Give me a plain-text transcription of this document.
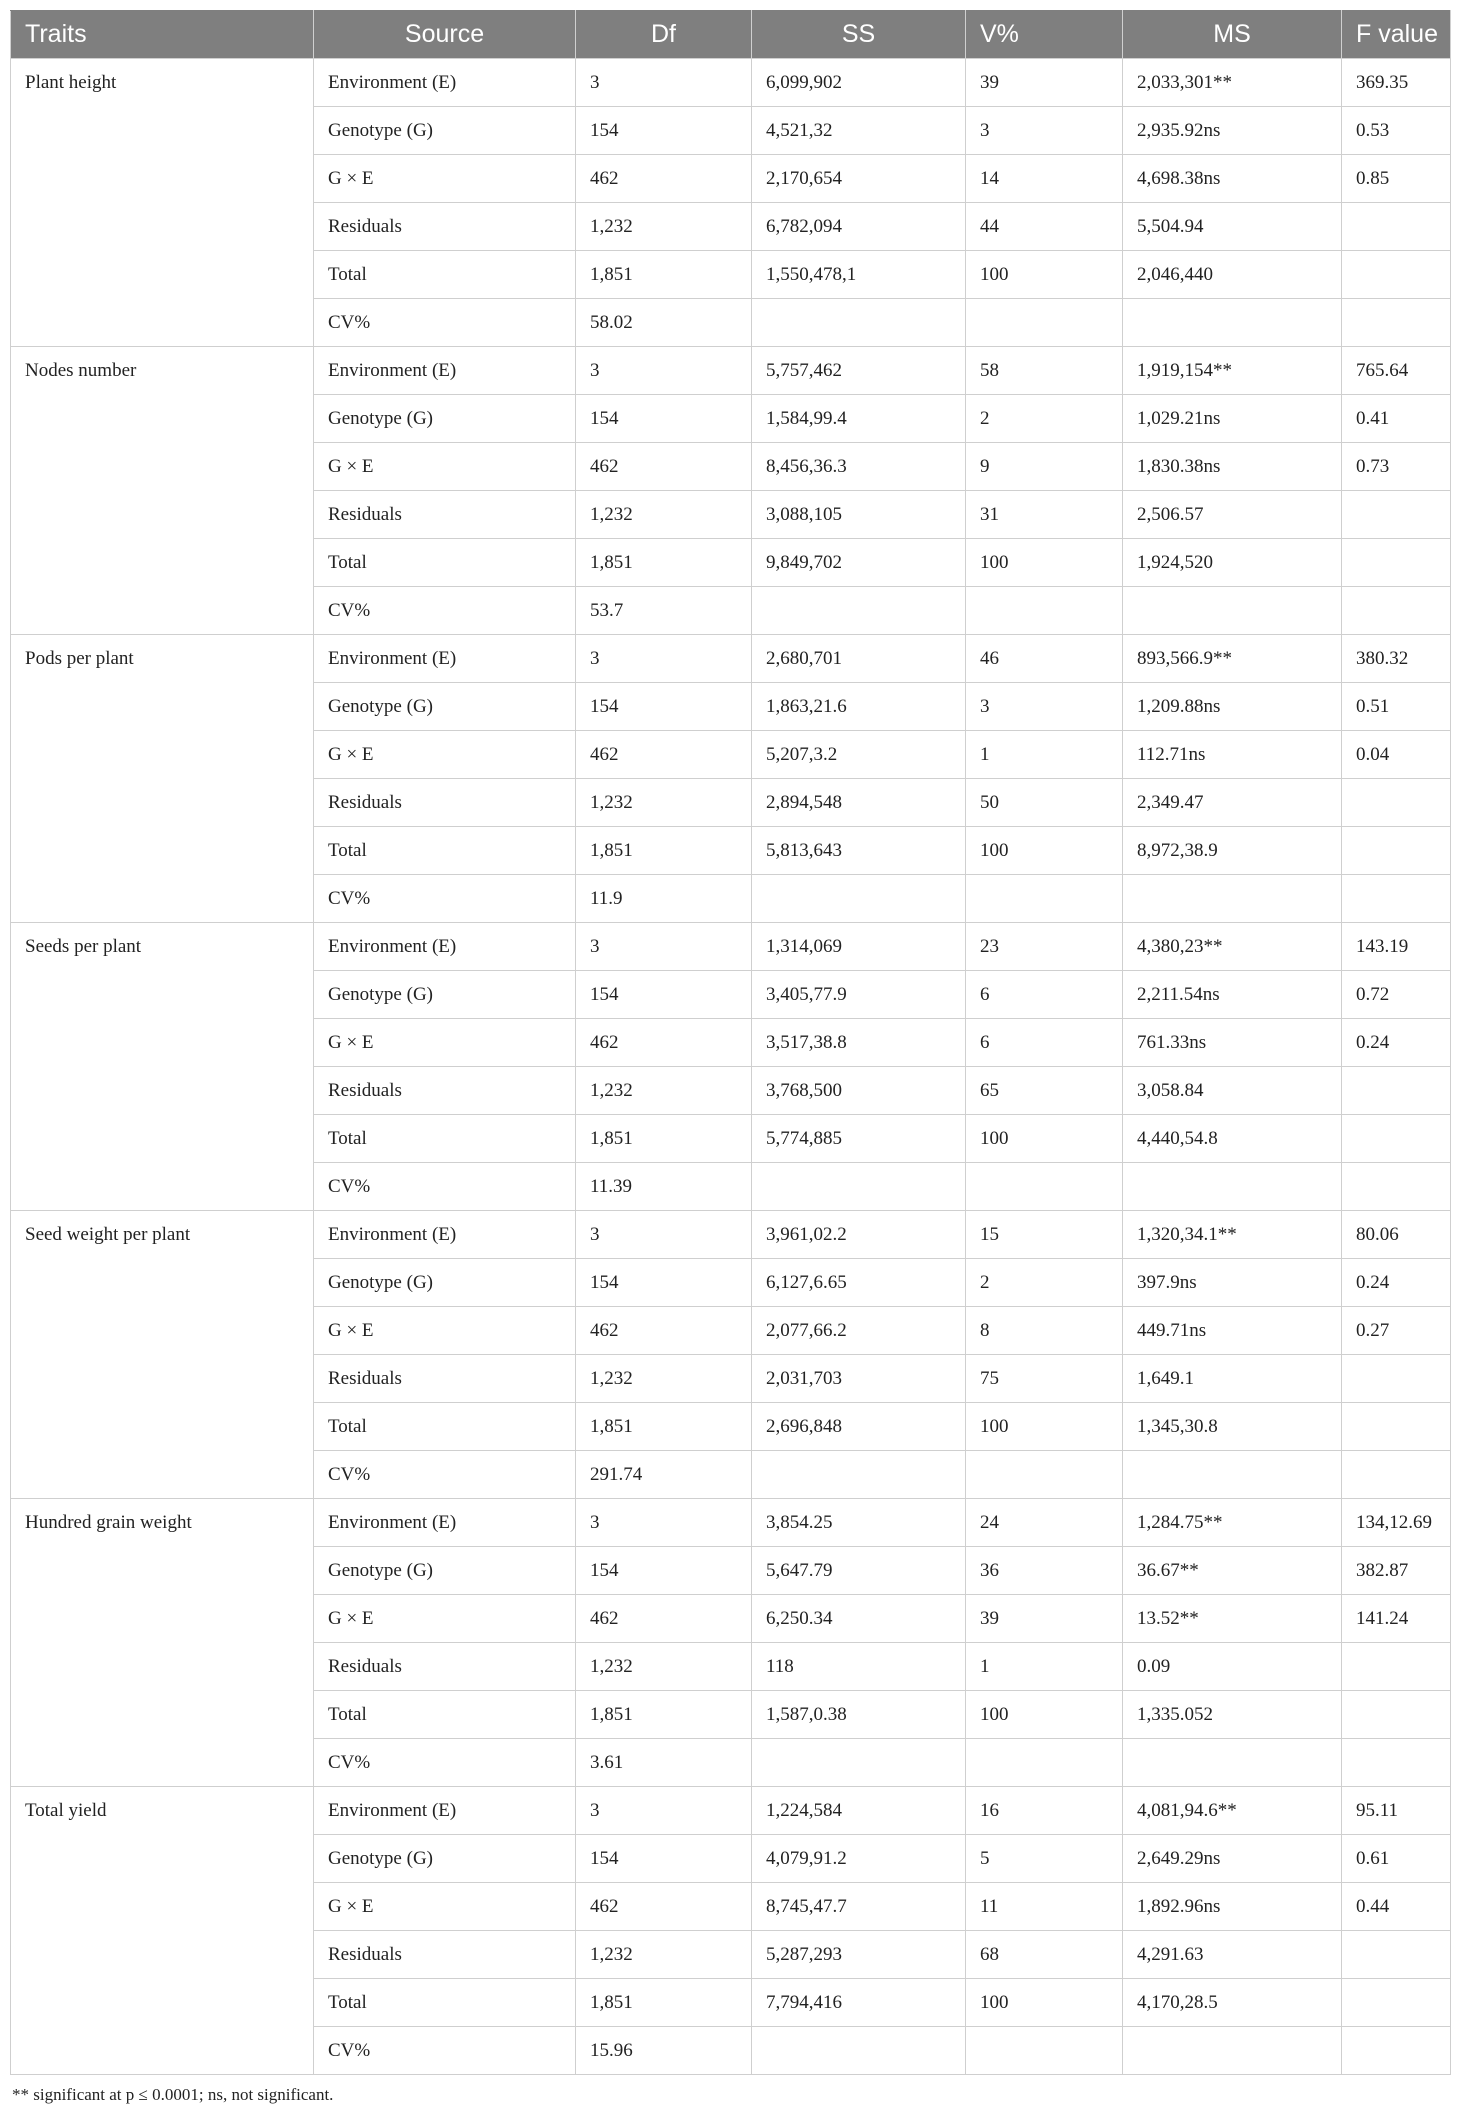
Traits	Source	Df	SS	V%	MS	F value
Plant height	Environment (E)	3	6,099,902	39	2,033,301**	369.35
	Genotype (G)	154	4,521,32	3	2,935.92ns	0.53
	G × E	462	2,170,654	14	4,698.38ns	0.85
	Residuals	1,232	6,782,094	44	5,504.94	
	Total	1,851	1,550,478,1	100	2,046,440	
	CV%	58.02				
Nodes number	Environment (E)	3	5,757,462	58	1,919,154**	765.64
	Genotype (G)	154	1,584,99.4	2	1,029.21ns	0.41
	G × E	462	8,456,36.3	9	1,830.38ns	0.73
	Residuals	1,232	3,088,105	31	2,506.57	
	Total	1,851	9,849,702	100	1,924,520	
	CV%	53.7				
Pods per plant	Environment (E)	3	2,680,701	46	893,566.9**	380.32
	Genotype (G)	154	1,863,21.6	3	1,209.88ns	0.51
	G × E	462	5,207,3.2	1	112.71ns	0.04
	Residuals	1,232	2,894,548	50	2,349.47	
	Total	1,851	5,813,643	100	8,972,38.9	
	CV%	11.9				
Seeds per plant	Environment (E)	3	1,314,069	23	4,380,23**	143.19
	Genotype (G)	154	3,405,77.9	6	2,211.54ns	0.72
	G × E	462	3,517,38.8	6	761.33ns	0.24
	Residuals	1,232	3,768,500	65	3,058.84	
	Total	1,851	5,774,885	100	4,440,54.8	
	CV%	11.39				
Seed weight per plant	Environment (E)	3	3,961,02.2	15	1,320,34.1**	80.06
	Genotype (G)	154	6,127,6.65	2	397.9ns	0.24
	G × E	462	2,077,66.2	8	449.71ns	0.27
	Residuals	1,232	2,031,703	75	1,649.1	
	Total	1,851	2,696,848	100	1,345,30.8	
	CV%	291.74				
Hundred grain weight	Environment (E)	3	3,854.25	24	1,284.75**	134,12.69
	Genotype (G)	154	5,647.79	36	36.67**	382.87
	G × E	462	6,250.34	39	13.52**	141.24
	Residuals	1,232	118	1	0.09	
	Total	1,851	1,587,0.38	100	1,335.052	
	CV%	3.61				
Total yield	Environment (E)	3	1,224,584	16	4,081,94.6**	95.11
	Genotype (G)	154	4,079,91.2	5	2,649.29ns	0.61
	G × E	462	8,745,47.7	11	1,892.96ns	0.44
	Residuals	1,232	5,287,293	68	4,291.63	
	Total	1,851	7,794,416	100	4,170,28.5	
	CV%	15.96				
** significant at p ≤ 0.0001; ns, not significant.
